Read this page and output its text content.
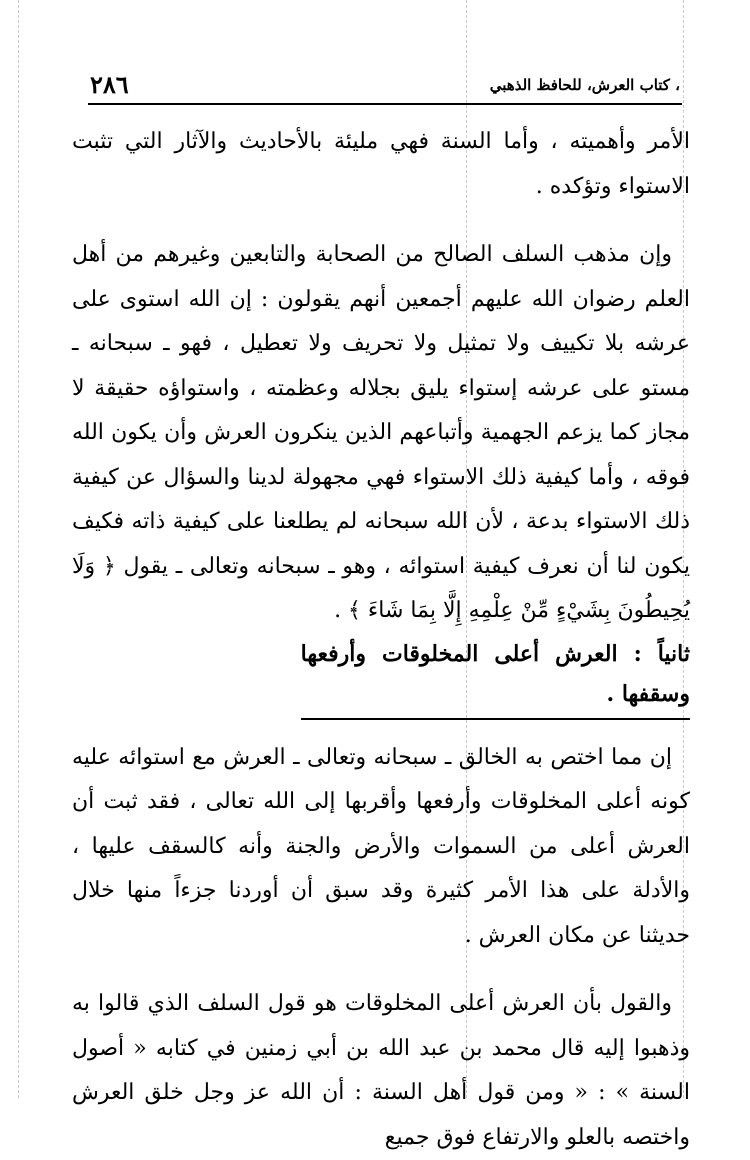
، كتاب العرش، للحافظ الذهبي
٢٨٦

الأمر وأهميته ، وأما السنة فهي مليئة بالأحاديث والآثار التي تثبت الاستواء وتؤكده .

وإن مذهب السلف الصالح من الصحابة والتابعين وغيرهم من أهل العلم رضوان الله عليهم أجمعين أنهم يقولون : إن الله استوى على عرشه بلا تكييف ولا تمثيل ولا تحريف ولا تعطيل ، فهو ـ سبحانه ـ مستو على عرشه إستواء يليق بجلاله وعظمته ، واستواؤه حقيقة لا مجاز كما يزعم الجهمية وأتباعهم الذين ينكرون العرش وأن يكون الله فوقه ، وأما كيفية ذلك الاستواء فهي مجهولة لدينا والسؤال عن كيفية ذلك الاستواء بدعة ، لأن الله سبحانه لم يطلعنا على كيفية ذاته فكيف يكون لنا أن نعرف كيفية استوائه ، وهو ـ سبحانه وتعالى ـ يقول ﴿ وَلَا يُحِيطُونَ بِشَيْءٍ مِّنْ عِلْمِهِ إِلَّا بِمَا شَاءَ ﴾ .

ثانياً : العرش أعلى المخلوقات وأرفعها وسقفها .

إن مما اختص به الخالق ـ سبحانه وتعالى ـ العرش مع استوائه عليه كونه أعلى المخلوقات وأرفعها وأقربها إلى الله تعالى ، فقد ثبت أن العرش أعلى من السموات والأرض والجنة وأنه كالسقف عليها ، والأدلة على هذا الأمر كثيرة وقد سبق أن أوردنا جزءاً منها خلال حديثنا عن مكان العرش .

والقول بأن العرش أعلى المخلوقات هو قول السلف الذي قالوا به وذهبوا إليه قال محمد بن عبد الله بن أبي زمنين في كتابه « أصول السنة » : « ومن قول أهل السنة : أن الله عز وجل خلق العرش واختصه بالعلو والارتفاع فوق جميع
